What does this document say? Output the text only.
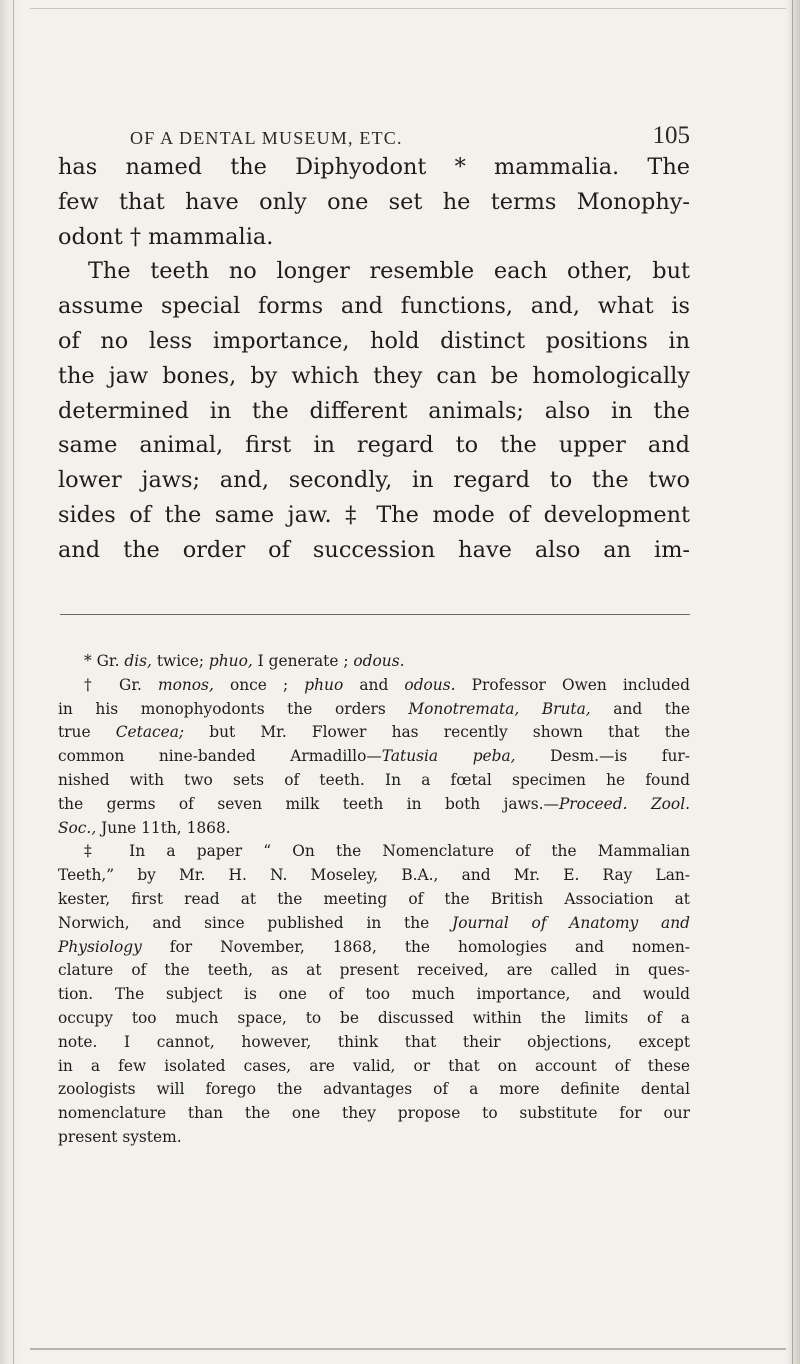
OF A DENTAL MUSEUM, ETC.	105
has named the Diphyodont * mammalia. The
few that have only one set he terms Monophy-
odont † mammalia.
The teeth no longer resemble each other, but
assume special forms and functions, and, what is
of no less importance, hold distinct positions in
the jaw bones, by which they can be homologically
determined in the different animals; also in the
same animal, first in regard to the upper and
lower jaws; and, secondly, in regard to the two
sides of the same jaw. ‡ The mode of development
and the order of succession have also an im-
* Gr. dis, twice; phuo, I generate ; odous.
† Gr. monos, once ; phuo and odous. Professor Owen included
in his monophyodonts the orders Monotremata, Bruta, and the
true Cetacea; but Mr. Flower has recently shown that the
common nine-banded Armadillo—Tatusia peba, Desm.—is fur-
nished with two sets of teeth. In a fœtal specimen he found
the germs of seven milk teeth in both jaws.—Proceed. Zool.
Soc., June 11th, 1868.
‡ In a paper “ On the Nomenclature of the Mammalian
Teeth,” by Mr. H. N. Moseley, B.A., and Mr. E. Ray Lan-
kester, first read at the meeting of the British Association at
Norwich, and since published in the Journal of Anatomy and
Physiology for November, 1868, the homologies and nomen-
clature of the teeth, as at present received, are called in ques-
tion. The subject is one of too much importance, and would
occupy too much space, to be discussed within the limits of a
note. I cannot, however, think that their objections, except
in a few isolated cases, are valid, or that on account of these
zoologists will forego the advantages of a more definite dental
nomenclature than the one they propose to substitute for our
present system.
